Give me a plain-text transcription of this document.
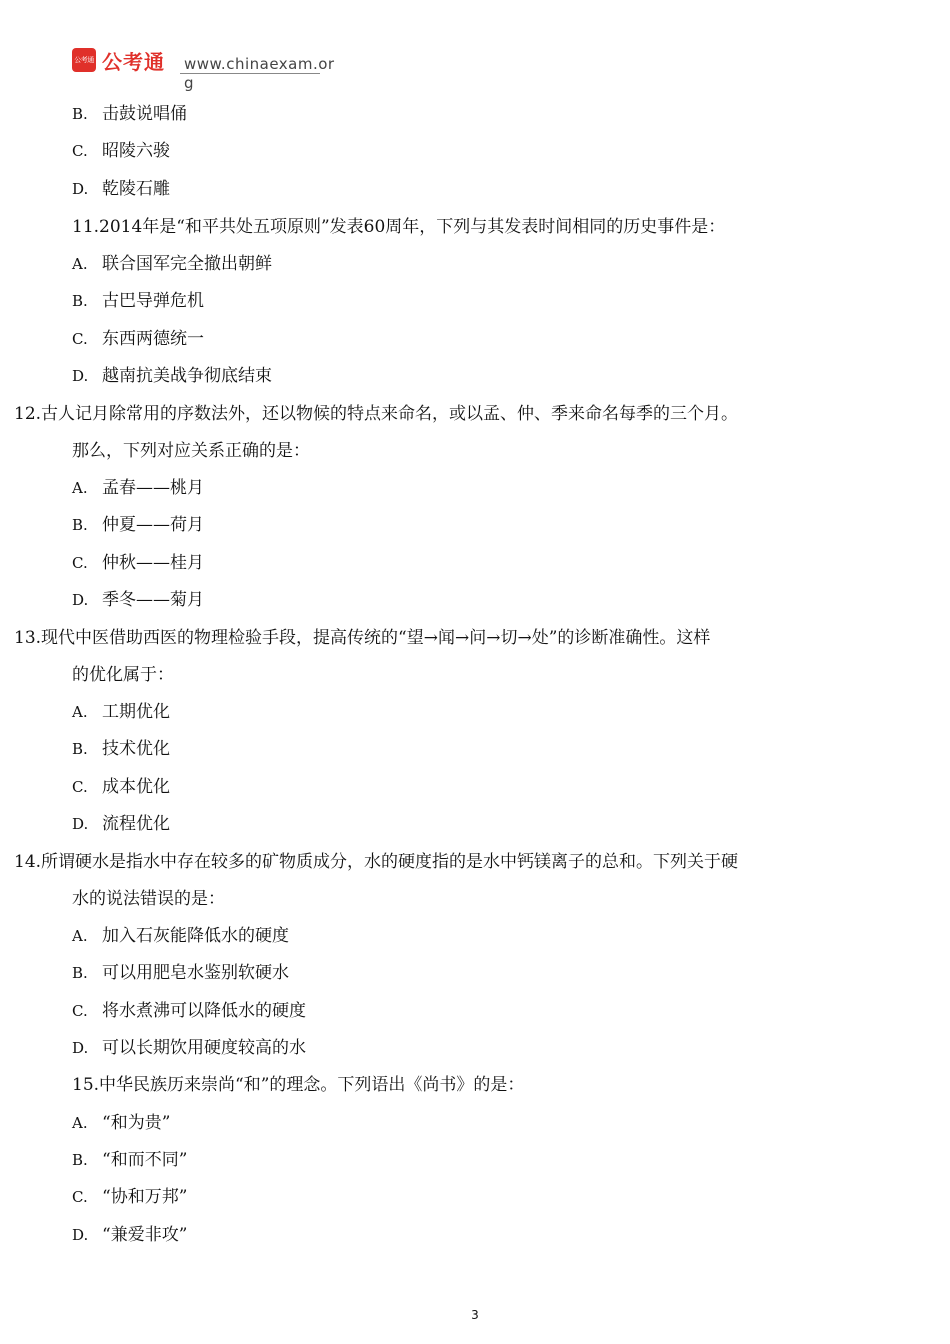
公考通 公考通 www.chinaexam.org
B. 击鼓说唱俑
C. 昭陵六骏
D. 乾陵石雕
11.2014年是“和平共处五项原则”发表60周年，下列与其发表时间相同的历史事件是：
A. 联合国军完全撤出朝鲜
B. 古巴导弹危机
C. 东西两德统一
D. 越南抗美战争彻底结束
12.古人记月除常用的序数法外，还以物候的特点来命名，或以孟、仲、季来命名每季的三个月。
那么，下列对应关系正确的是：
A. 孟春——桃月
B. 仲夏——荷月
C. 仲秋——桂月
D. 季冬——菊月
13.现代中医借助西医的物理检验手段，提高传统的“望→闻→问→切→处”的诊断准确性。这样
的优化属于：
A. 工期优化
B. 技术优化
C. 成本优化
D. 流程优化
14.所谓硬水是指水中存在较多的矿物质成分，水的硬度指的是水中钙镁离子的总和。下列关于硬
水的说法错误的是：
A. 加入石灰能降低水的硬度
B. 可以用肥皂水鉴别软硬水
C. 将水煮沸可以降低水的硬度
D. 可以长期饮用硬度较高的水
15.中华民族历来崇尚“和”的理念。下列语出《尚书》的是：
A. “和为贵”
B. “和而不同”
C. “协和万邦”
D. “兼爱非攻”
3
